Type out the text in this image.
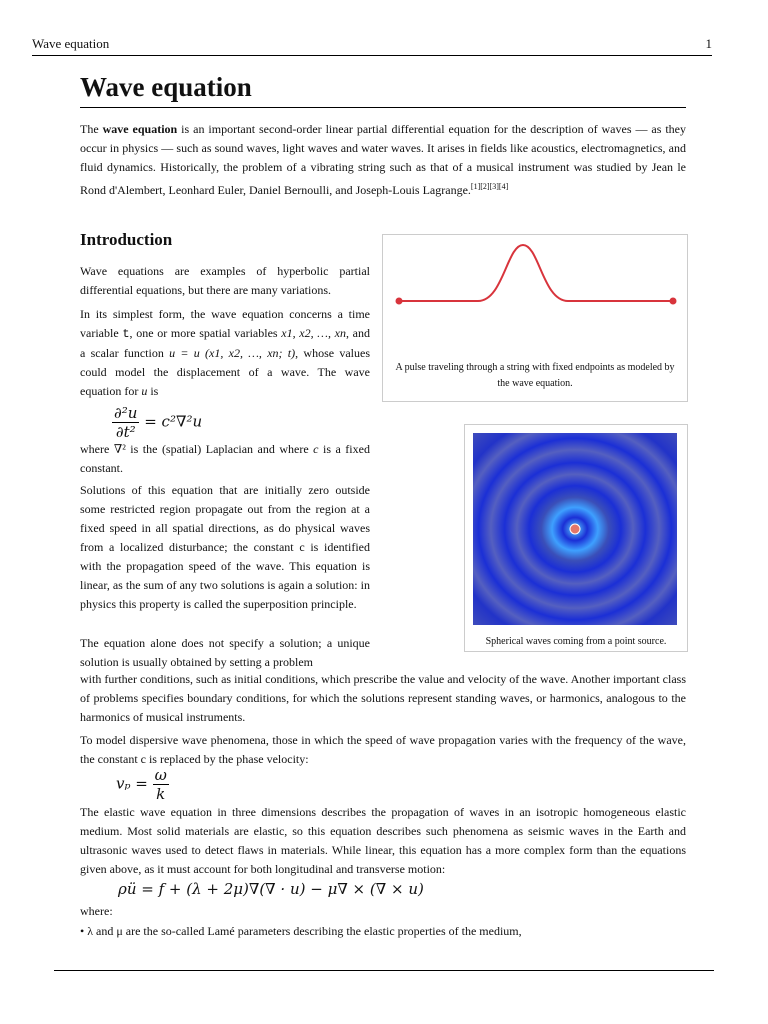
Wave equation	1
Wave equation

The wave equation is an important second-order linear partial differential equation for the description of waves — as they occur in physics — such as sound waves, light waves and water waves. It arises in fields like acoustics, electromagnetics, and fluid dynamics. Historically, the problem of a vibrating string such as that of a musical instrument was studied by Jean le Rond d'Alembert, Leonhard Euler, Daniel Bernoulli, and Joseph-Louis Lagrange.[1][2][3][4]

Introduction

Wave equations are examples of hyperbolic partial differential equations, but there are many variations.

In its simplest form, the wave equation concerns a time variable t, one or more spatial variables x1, x2, …, xn, and a scalar function u = u (x1, x2, …, xn; t), whose values could model the displacement of a wave. The wave equation for u is

$\frac{\text{∂²u}}{\text{∂t²}} = c^2\nabla^2u$

where ∇² is the (spatial) Laplacian and where c is a fixed constant.

Solutions of this equation that are initially zero outside some restricted region propagate out from the region at a fixed speed in all spatial directions, as do physical waves from a localized disturbance; the constant c is identified with the propagation speed of the wave. This equation is linear, as the sum of any two solutions is again a solution: in physics this property is called the superposition principle.

The equation alone does not specify a solution; a unique solution is usually obtained by setting a problem

with further conditions, such as initial conditions, which prescribe the value and velocity of the wave. Another important class of problems specifies boundary conditions, for which the solutions represent standing waves, or harmonics, analogous to the harmonics of musical instruments.

To model dispersive wave phenomena, those in which the speed of wave propagation varies with the frequency of the wave, the constant c is replaced by the phase velocity:

$v_p = \frac{\omega}{k}$

The elastic wave equation in three dimensions describes the propagation of waves in an isotropic homogeneous elastic medium. Most solid materials are elastic, so this equation describes such phenomena as seismic waves in the Earth and ultrasonic waves used to detect flaws in materials. While linear, this equation has a more complex form than the equations given above, as it must account for both longitudinal and transverse motion:

ρü = f + (λ + 2μ)∇(∇ · u) − μ∇ × (∇ × u)

where:

• λ and μ are the so-called Lamé parameters describing the elastic properties of the medium,
A pulse traveling through a string with fixed endpoints as modeled by the wave equation.
Spherical waves coming from a point source.
